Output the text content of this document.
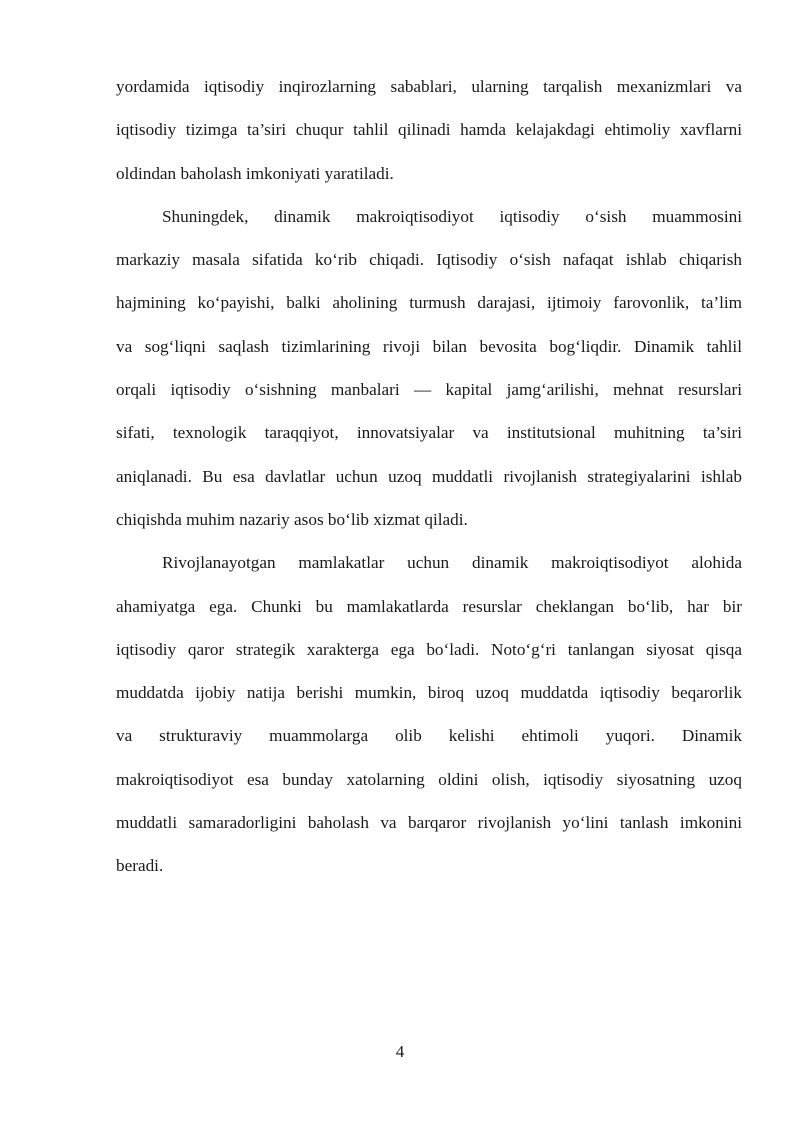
yordamida iqtisodiy inqirozlarning sabablari, ularning tarqalish mexanizmlari va
iqtisodiy tizimga ta’siri chuqur tahlil qilinadi hamda kelajakdagi ehtimoliy xavflarni
oldindan baholash imkoniyati yaratiladi.
Shuningdek, dinamik makroiqtisodiyot iqtisodiy o‘sish muammosini
markaziy masala sifatida ko‘rib chiqadi. Iqtisodiy o‘sish nafaqat ishlab chiqarish
hajmining ko‘payishi, balki aholining turmush darajasi, ijtimoiy farovonlik, ta’lim
va sog‘liqni saqlash tizimlarining rivoji bilan bevosita bog‘liqdir. Dinamik tahlil
orqali iqtisodiy o‘sishning manbalari — kapital jamg‘arilishi, mehnat resurslari
sifati, texnologik taraqqiyot, innovatsiyalar va institutsional muhitning ta’siri
aniqlanadi. Bu esa davlatlar uchun uzoq muddatli rivojlanish strategiyalarini ishlab
chiqishda muhim nazariy asos bo‘lib xizmat qiladi.
Rivojlanayotgan mamlakatlar uchun dinamik makroiqtisodiyot alohida
ahamiyatga ega. Chunki bu mamlakatlarda resurslar cheklangan bo‘lib, har bir
iqtisodiy qaror strategik xarakterga ega bo‘ladi. Noto‘g‘ri tanlangan siyosat qisqa
muddatda ijobiy natija berishi mumkin, biroq uzoq muddatda iqtisodiy beqarorlik
va strukturaviy muammolarga olib kelishi ehtimoli yuqori. Dinamik
makroiqtisodiyot esa bunday xatolarning oldini olish, iqtisodiy siyosatning uzoq
muddatli samaradorligini baholash va barqaror rivojlanish yo‘lini tanlash imkonini
beradi.
4
